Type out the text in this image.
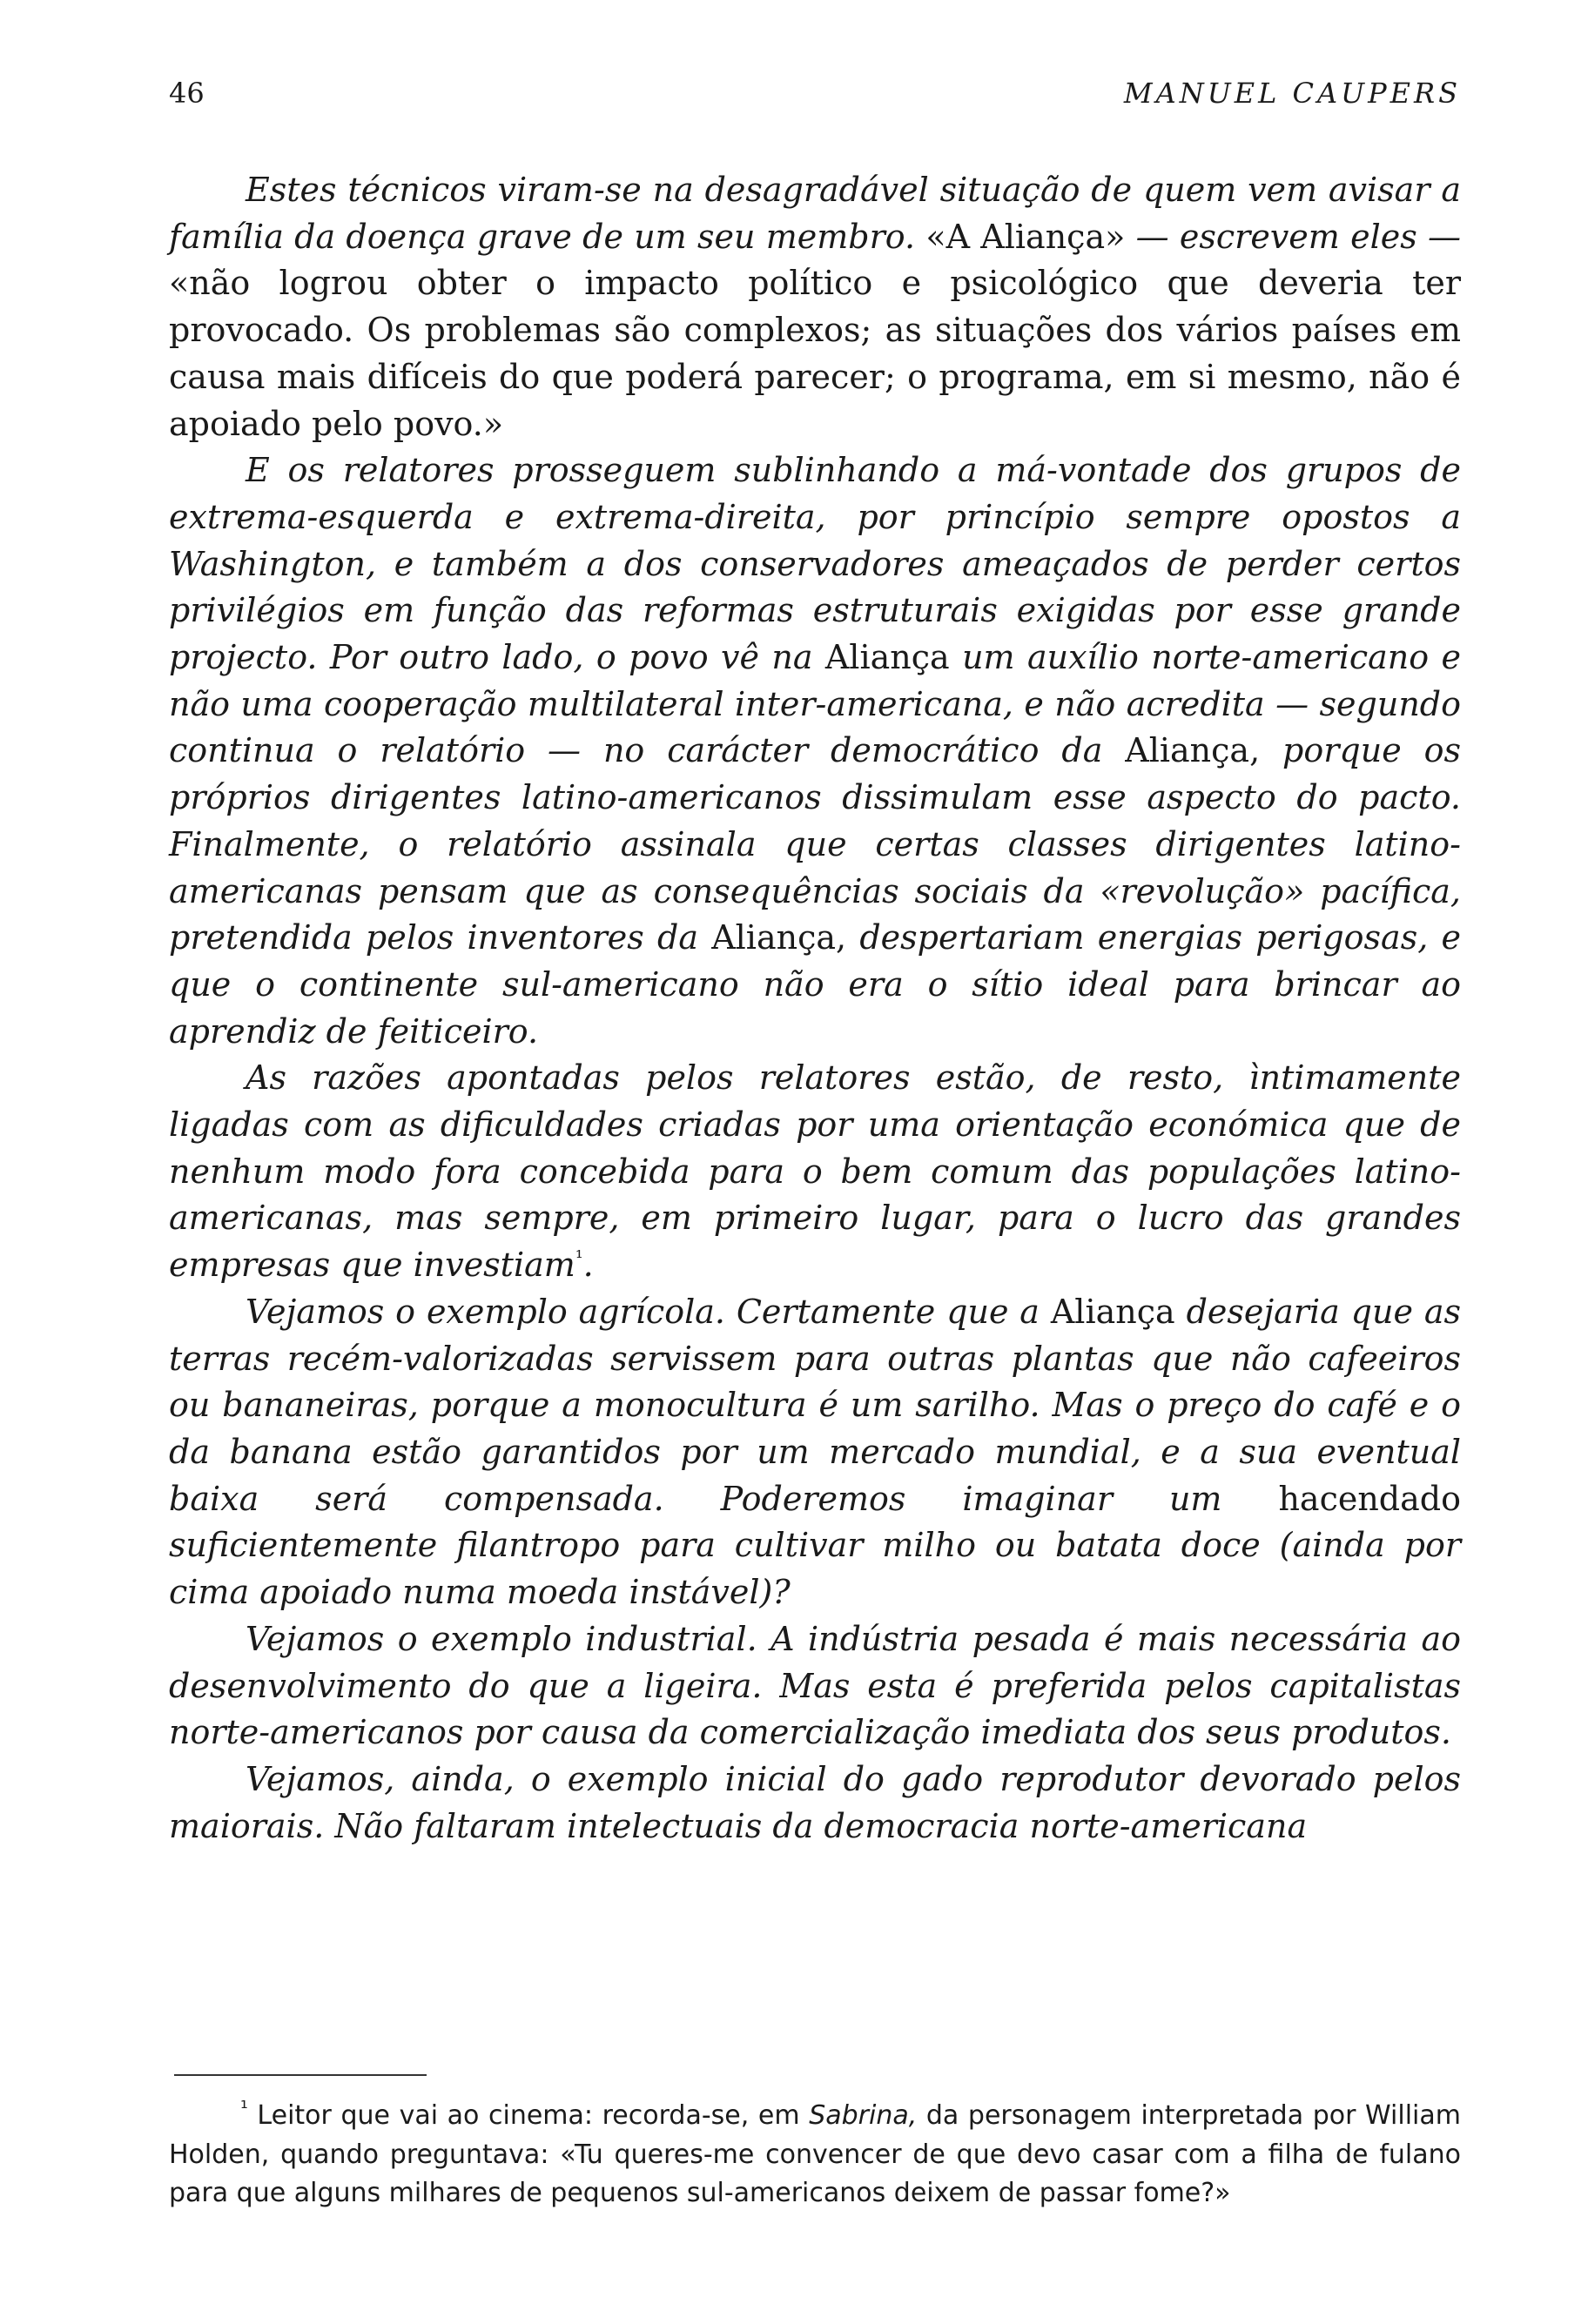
46	MANUEL CAUPERS

Estes técnicos viram-se na desagradável situação de quem vem avisar a família da doença grave de um seu membro. «A Aliança» — escrevem eles — «não logrou obter o impacto político e psicológico que deveria ter provocado. Os problemas são complexos; as situações dos vários países em causa mais difíceis do que poderá parecer; o programa, em si mesmo, não é apoiado pelo povo.»

E os relatores prosseguem sublinhando a má-vontade dos grupos de extrema-esquerda e extrema-direita, por princípio sempre opostos a Washington, e também a dos conservadores ameaçados de perder certos privilégios em função das reformas estruturais exigidas por esse grande projecto. Por outro lado, o povo vê na Aliança um auxílio norte-americano e não uma cooperação multilateral inter-americana, e não acredita — segundo continua o relatório — no carácter democrático da Aliança, porque os próprios dirigentes latino-americanos dissimulam esse aspecto do pacto. Finalmente, o relatório assinala que certas classes dirigentes latino-americanas pensam que as consequências sociais da «revolução» pacífica, pretendida pelos inventores da Aliança, despertariam energias perigosas, e que o continente sul-americano não era o sítio ideal para brincar ao aprendiz de feiticeiro.

As razões apontadas pelos relatores estão, de resto, ìntimamente ligadas com as dificuldades criadas por uma orientação económica que de nenhum modo fora concebida para o bem comum das populações latino-americanas, mas sempre, em primeiro lugar, para o lucro das grandes empresas que investiam$^{^1}$.

Vejamos o exemplo agrícola. Certamente que a Aliança desejaria que as terras recém-valorizadas servissem para outras plantas que não cafeeiros ou bananeiras, porque a monocultura é um sarilho. Mas o preço do café e o da banana estão garantidos por um mercado mundial, e a sua eventual baixa será compensada. Poderemos imaginar um hacendado suficientemente filantropo para cultivar milho ou batata doce (ainda por cima apoiado numa moeda instável)?

Vejamos o exemplo industrial. A indústria pesada é mais necessária ao desenvolvimento do que a ligeira. Mas esta é preferida pelos capitalistas norte-americanos por causa da comercialização imediata dos seus produtos.

Vejamos, ainda, o exemplo inicial do gado reprodutor devorado pelos maiorais. Não faltaram intelectuais da democracia norte-americana

$^{^1}$ Leitor que vai ao cinema: recorda-se, em Sabrina, da personagem interpretada por William Holden, quando preguntava: «Tu queres-me convencer de que devo casar com a filha de fulano para que alguns milhares de pequenos sul-americanos deixem de passar fome?»
